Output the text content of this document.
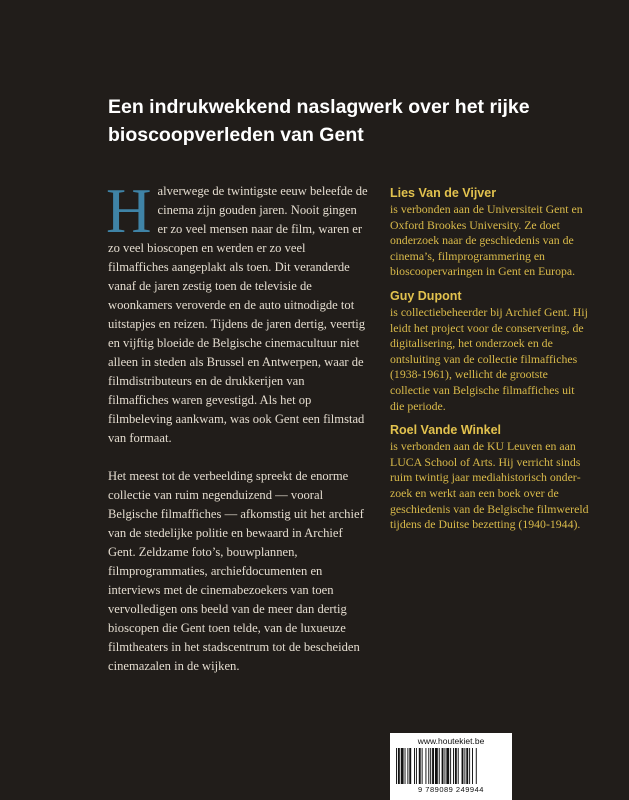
Een indrukwekkend naslagwerk over het rijke bioscoopverleden van Gent

Halverwege de twintigste eeuw beleefde de cinema zijn gouden jaren. Nooit gingen er zo veel mensen naar de film, waren er zo veel bioscopen en werden er zo veel filmaffiches aangeplakt als toen. Dit veranderde vanaf de jaren zestig toen de televisie de woonkamers veroverde en de auto uitnodigde tot uitstapjes en reizen. Tijdens de jaren dertig, veertig en vijftig bloeide de Belgische cinemacultuur niet alleen in steden als Brussel en Antwerpen, waar de filmdistributeurs en de drukkerijen van filmaffiches waren gevestigd. Als het op filmbeleving aankwam, was ook Gent een filmstad van formaat.

Het meest tot de verbeelding spreekt de enorme collectie van ruim negenduizend — vooral Belgische filmaffiches — afkomstig uit het archief van de stedelijke politie en bewaard in Archief Gent. Zeldzame foto’s, bouwplannen, filmprogrammaties, archiefdocumenten en interviews met de cinemabezoekers van toen vervolledigen ons beeld van de meer dan dertig bioscopen die Gent toen telde, van de luxueuze filmtheaters in het stadscentrum tot de bescheiden cinemazalen in de wijken.

Lies Van de Vijver
is verbonden aan de Universiteit Gent en Oxford Brookes University. Ze doet onderzoek naar de geschiedenis van de cinema’s, filmprogrammering en bioscoopervaringen in Gent en Europa.
Guy Dupont
is collectiebeheerder bij Archief Gent. Hij leidt het project voor de conservering, de digitalisering, het onderzoek en de ontsluiting van de collectie filmaffiches (1938-1961), wellicht de grootste collectie van Belgische filmaffiches uit die periode.
Roel Vande Winkel
is verbonden aan de KU Leuven en aan LUCA School of Arts. Hij verricht sinds ruim twintig jaar mediahistorisch onderzoek en werkt aan een boek over de geschiedenis van de Belgische filmwereld tijdens de Duitse bezetting (1940-1944).
www.houtekiet.be
9 789089 249944
